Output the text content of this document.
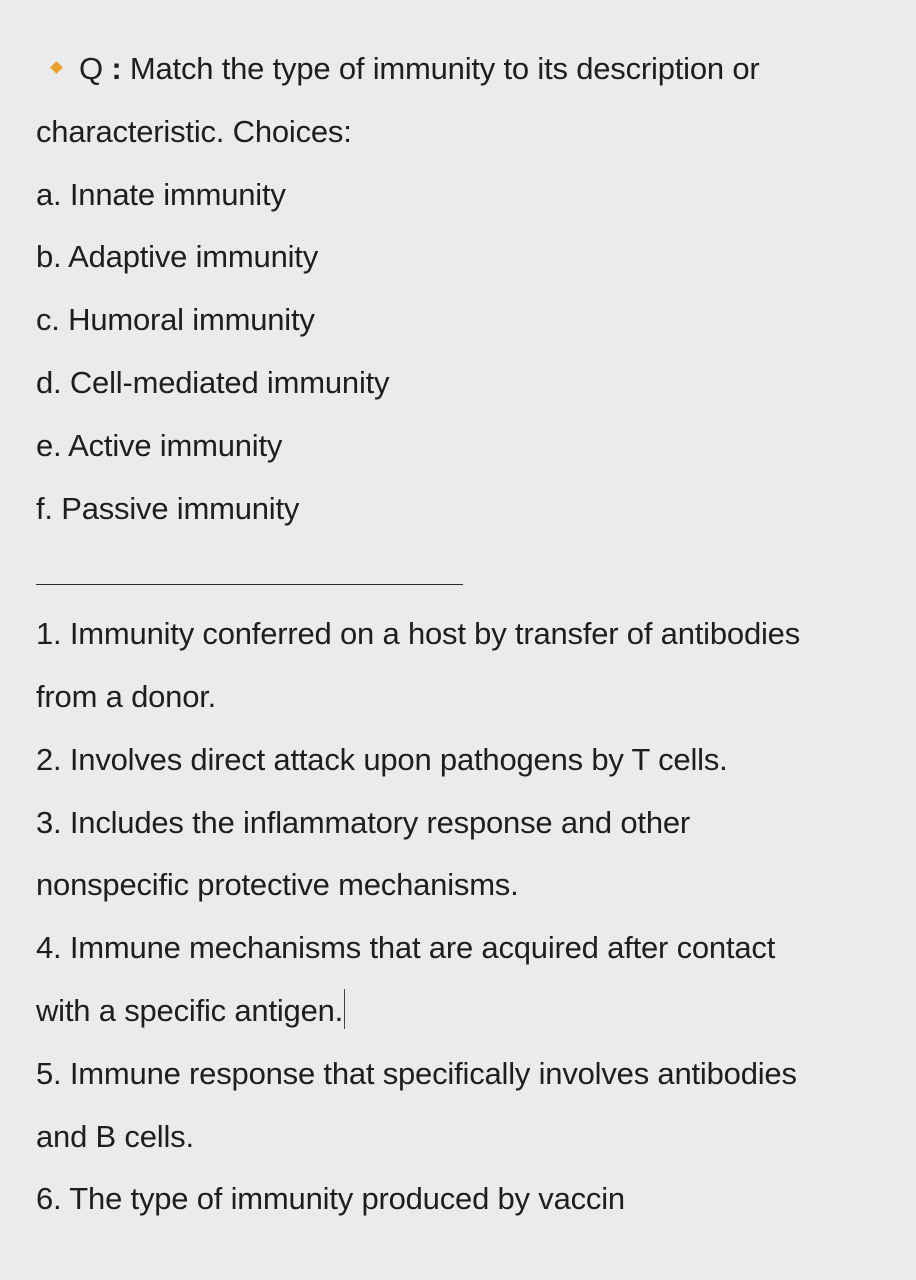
Q : Match the type of immunity to its description or
characteristic. Choices:
a. Innate immunity
b. Adaptive immunity
c. Humoral immunity
d. Cell-mediated immunity
e. Active immunity
f. Passive immunity
1. Immunity conferred on a host by transfer of antibodies
from a donor.
2. Involves direct attack upon pathogens by T cells.
3. Includes the inflammatory response and other
nonspecific protective mechanisms.
4. Immune mechanisms that are acquired after contact
with a specific antigen.
5. Immune response that specifically involves antibodies
and B cells.
6. The type of immunity produced by vaccin
